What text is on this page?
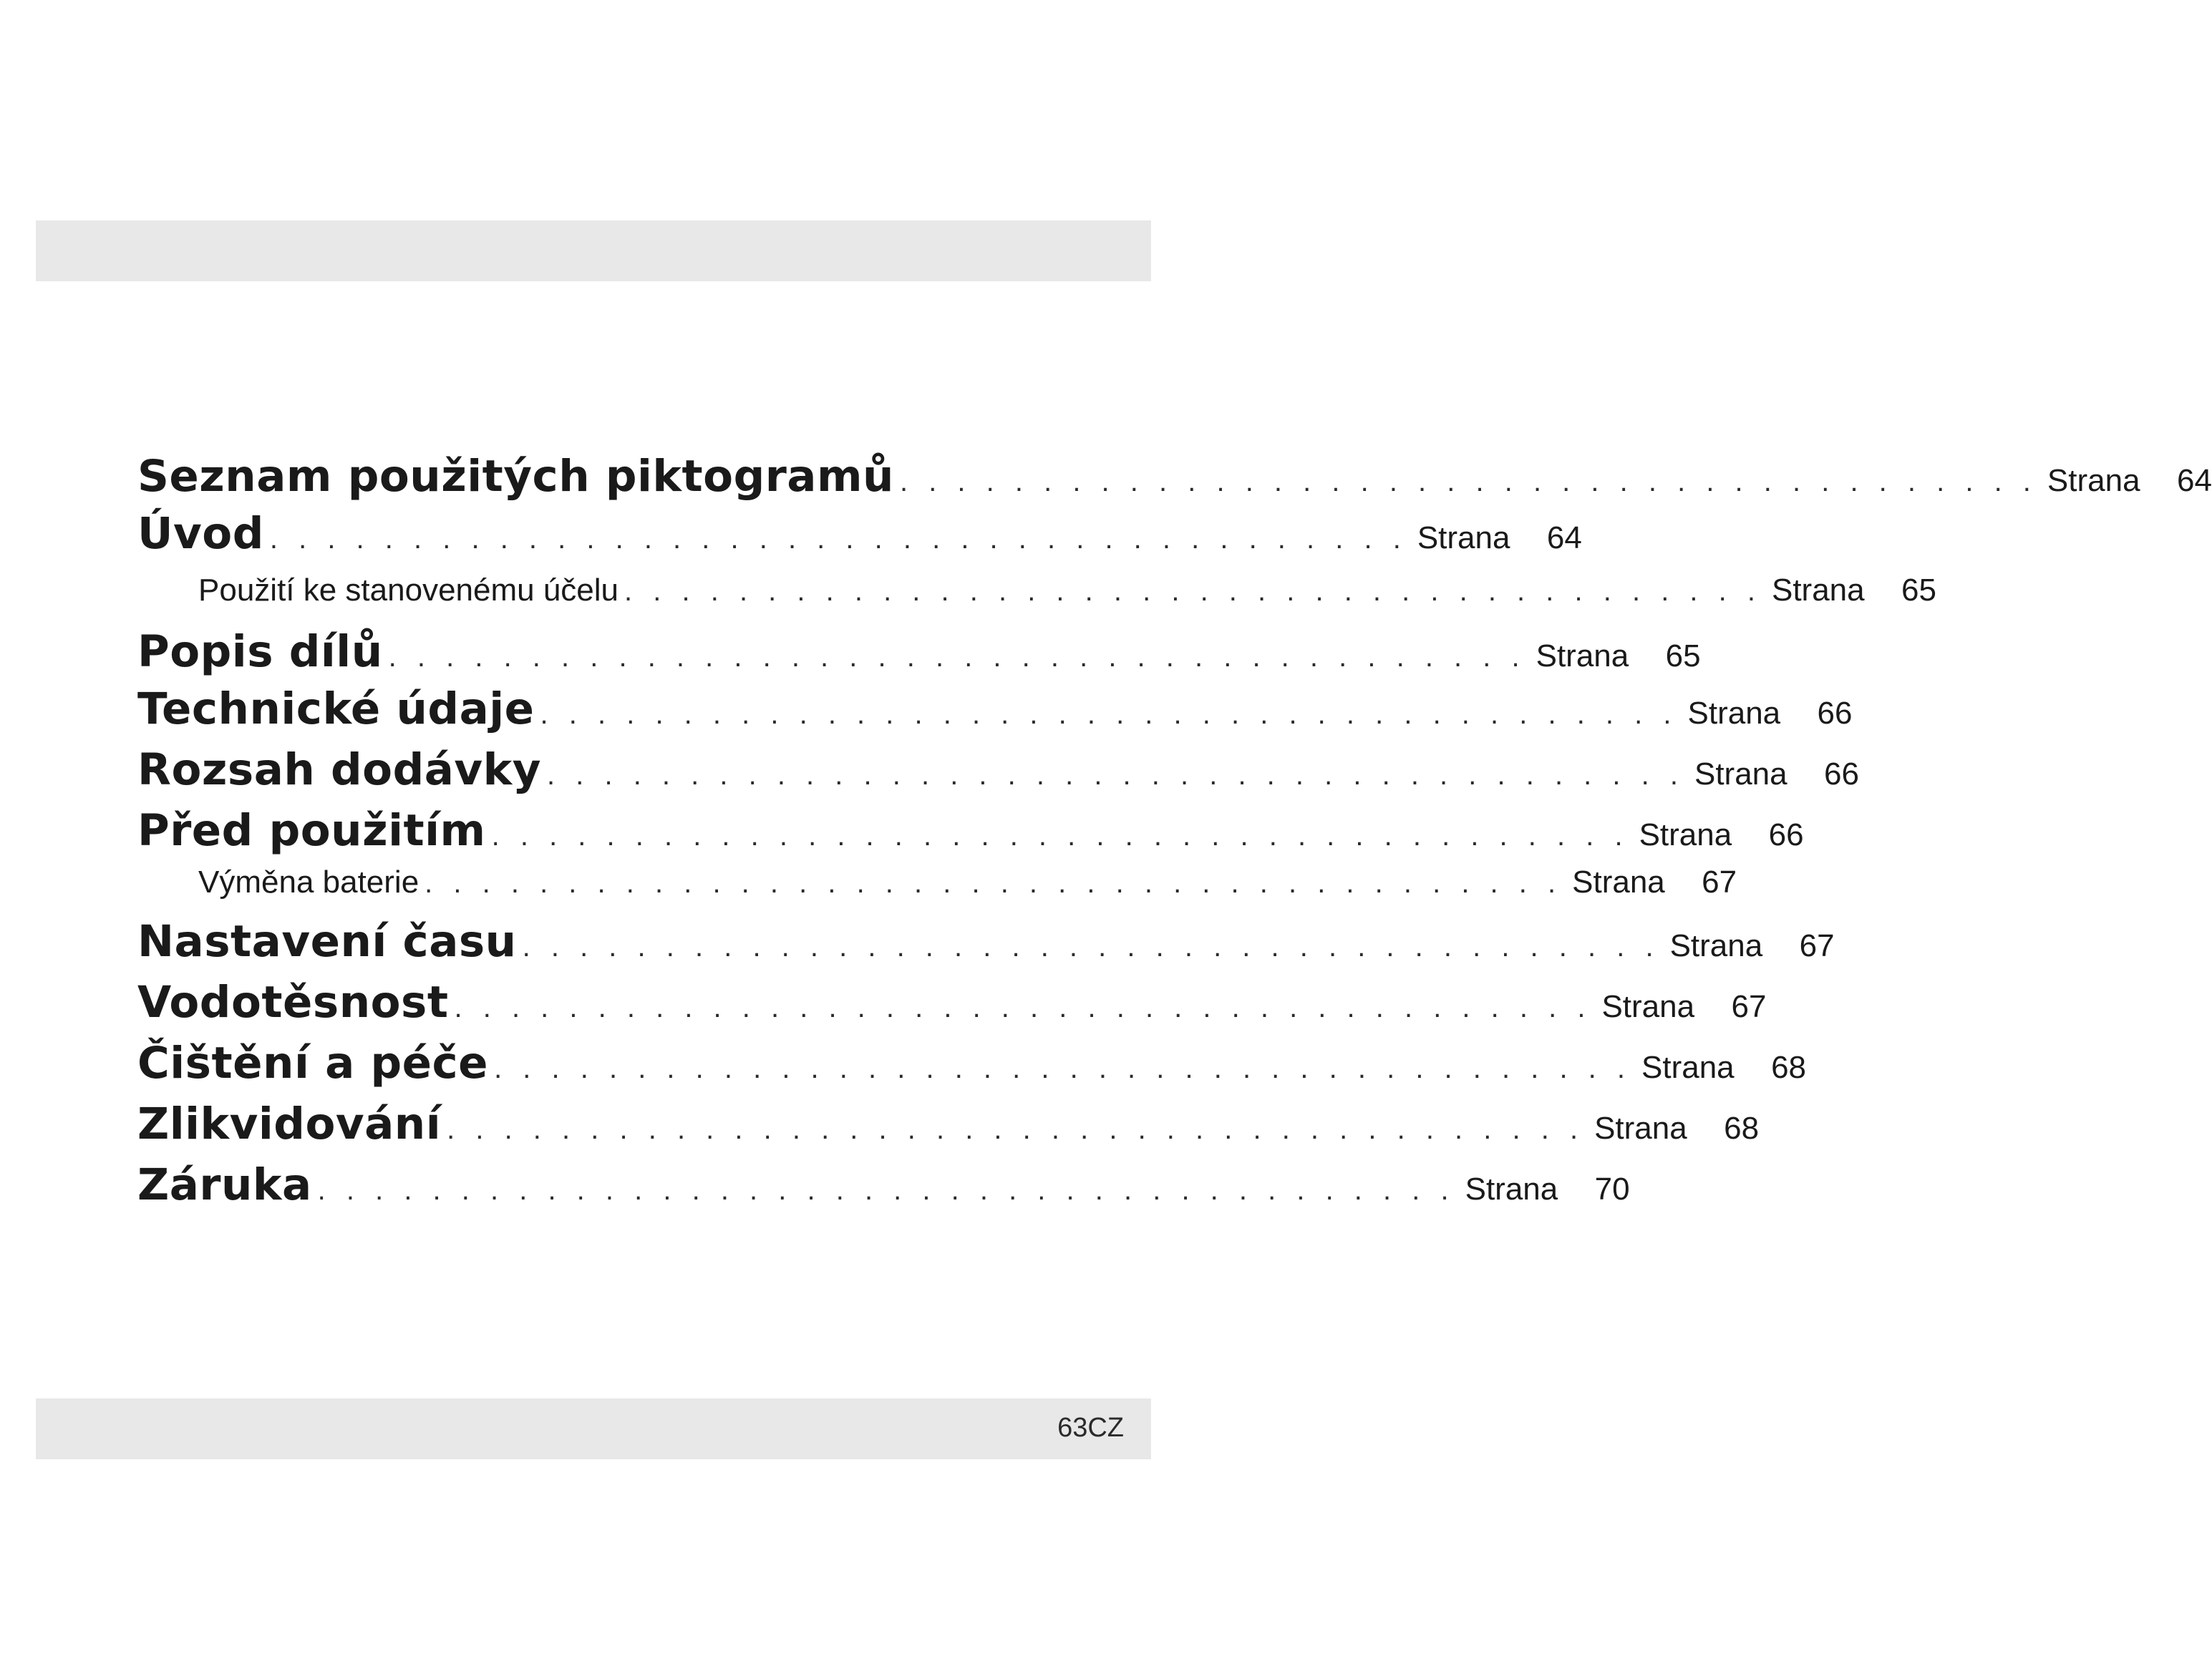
Seznam použitých piktogramů . . . . . . . . . . . . . . . . . . . . . . . . . . . . . . . . . . . . . . . . Strana 64
Úvod . . . . . . . . . . . . . . . . . . . . . . . . . . . . . . . . . . . . . . . . Strana 64
Použití ke stanovenému účelu . . . . . . . . . . . . . . . . . . . . . . . . . . . . . . . . . . . . . . . . Strana 65
Popis dílů . . . . . . . . . . . . . . . . . . . . . . . . . . . . . . . . . . . . . . . . Strana 65
Technické údaje . . . . . . . . . . . . . . . . . . . . . . . . . . . . . . . . . . . . . . . . Strana 66
Rozsah dodávky . . . . . . . . . . . . . . . . . . . . . . . . . . . . . . . . . . . . . . . . Strana 66
Před použitím . . . . . . . . . . . . . . . . . . . . . . . . . . . . . . . . . . . . . . . . Strana 66
Výměna baterie . . . . . . . . . . . . . . . . . . . . . . . . . . . . . . . . . . . . . . . . Strana 67
Nastavení času . . . . . . . . . . . . . . . . . . . . . . . . . . . . . . . . . . . . . . . . Strana 67
Vodotěsnost . . . . . . . . . . . . . . . . . . . . . . . . . . . . . . . . . . . . . . . . Strana 67
Čištění a péče . . . . . . . . . . . . . . . . . . . . . . . . . . . . . . . . . . . . . . . . Strana 68
Zlikvidování . . . . . . . . . . . . . . . . . . . . . . . . . . . . . . . . . . . . . . . . Strana 68
Záruka . . . . . . . . . . . . . . . . . . . . . . . . . . . . . . . . . . . . . . . . Strana 70
63CZ
